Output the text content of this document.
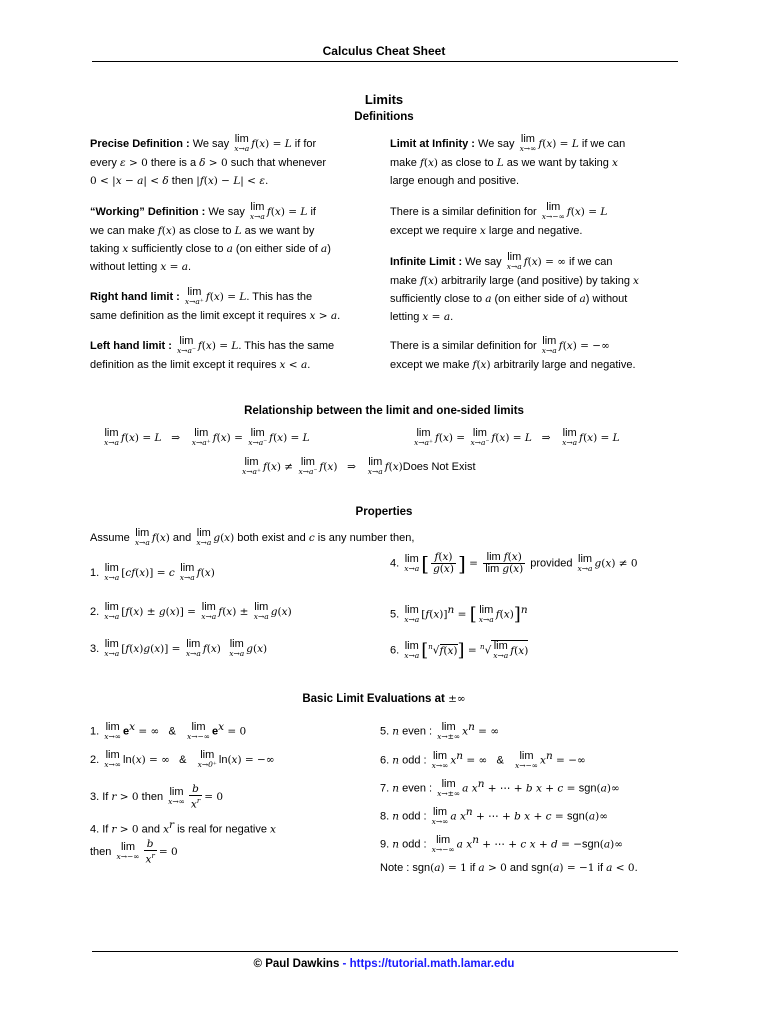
Calculus Cheat Sheet
Limits
Definitions
Precise Definition : We say lim
x→a f(x) = L if for
every ε > 0 there is a δ > 0 such that whenever
0 < |x − a| < δ then |f(x) − L| < ε.
“Working” Definition : We say lim
x→a f(x) = L if
we can make f(x) as close to L as we want by
taking x sufficiently close to a (on either side of a)
without letting x = a.
Right hand limit : lim
x→a⁺ f(x) = L. This has the
same definition as the limit except it requires x > a.
Left hand limit : lim
x→a⁻ f(x) = L. This has the same
definition as the limit except it requires x < a.
Limit at Infinity : We say lim
x→∞ f(x) = L if we can
make f(x) as close to L as we want by taking x
large enough and positive.
There is a similar definition for lim
x→−∞ f(x) = L
except we require x large and negative.
Infinite Limit : We say lim
x→a f(x) = ∞ if we can
make f(x) arbitrarily large (and positive) by taking x
sufficiently close to a (on either side of a) without
letting x = a.
There is a similar definition for lim
x→a f(x) = −∞
except we make f(x) arbitrarily large and negative.
Relationship between the limit and one-sided limits
lim
x→a f(x) = L   ⇒ lim
x→a⁺ f(x) = lim
x→a⁻ f(x) = L	lim
x→a⁺ f(x) = lim
x→a⁻ f(x) = L   ⇒ lim
x→a f(x) = L
lim
x→a⁺ f(x) ≠ lim
x→a⁻ f(x)   ⇒ lim
x→a f(x)Does Not Exist
Properties
Assume lim
x→a f(x) and lim
x→a g(x) both exist and c is any number then,
1. lim
x→a [cf(x)] = c lim
x→a f(x)
2. lim
x→a [f(x) ± g(x)] = lim
x→a f(x) ± lim
x→a g(x)
3. lim
x→a [f(x)g(x)] = lim
x→a f(x) lim
x→a g(x)
4. lim
x→a [ $\frac{f(x)}{g(x)}$ ] = $\frac{\text{lim f(x)}}{\text{lim g(x)}}$ provided lim
x→a g(x) ≠ 0
5. lim
x→a $[f(x)]^n$ = [ lim
x→a f(x)]$^n$
6. lim
x→a [$^n$√f(x)] = $^n$√ lim
x→a f(x)
Basic Limit Evaluations at ±∞
1. lim
x→∞ $e^x$ = ∞ &	lim
x→−∞ $e^x = 0$
2. lim
x→∞ ln(x) = ∞ & lim
x→0⁺ ln(x) = −∞
3. If r > 0 then lim
$x\to\infty \frac{b}{x^r} = 0$
4. If r > 0 and $x^r$ is real for negative x
then lim
$x\to-\infty \frac{b}{x^r} = 0$
5. n even : lim
x→±∞ $x^n$ = ∞
6. n odd : lim
x→∞ $x^n$ = ∞ &	lim
x→−∞ $x^n$ = −∞
7. n even : lim
x→±∞ a $x^n$ + ⋯ + b x + c = sgn(a)∞
8. n odd : lim
x→∞ a $x^n$ + ⋯ + b x + c = sgn(a)∞
9. n odd : lim
x→−∞ a $x^n$ + ⋯ + c x + d = −sgn(a)∞
Note : sgn(a) = 1 if a > 0 and sgn(a) = −1 if a < 0.
© Paul Dawkins - https://tutorial.math.lamar.edu
